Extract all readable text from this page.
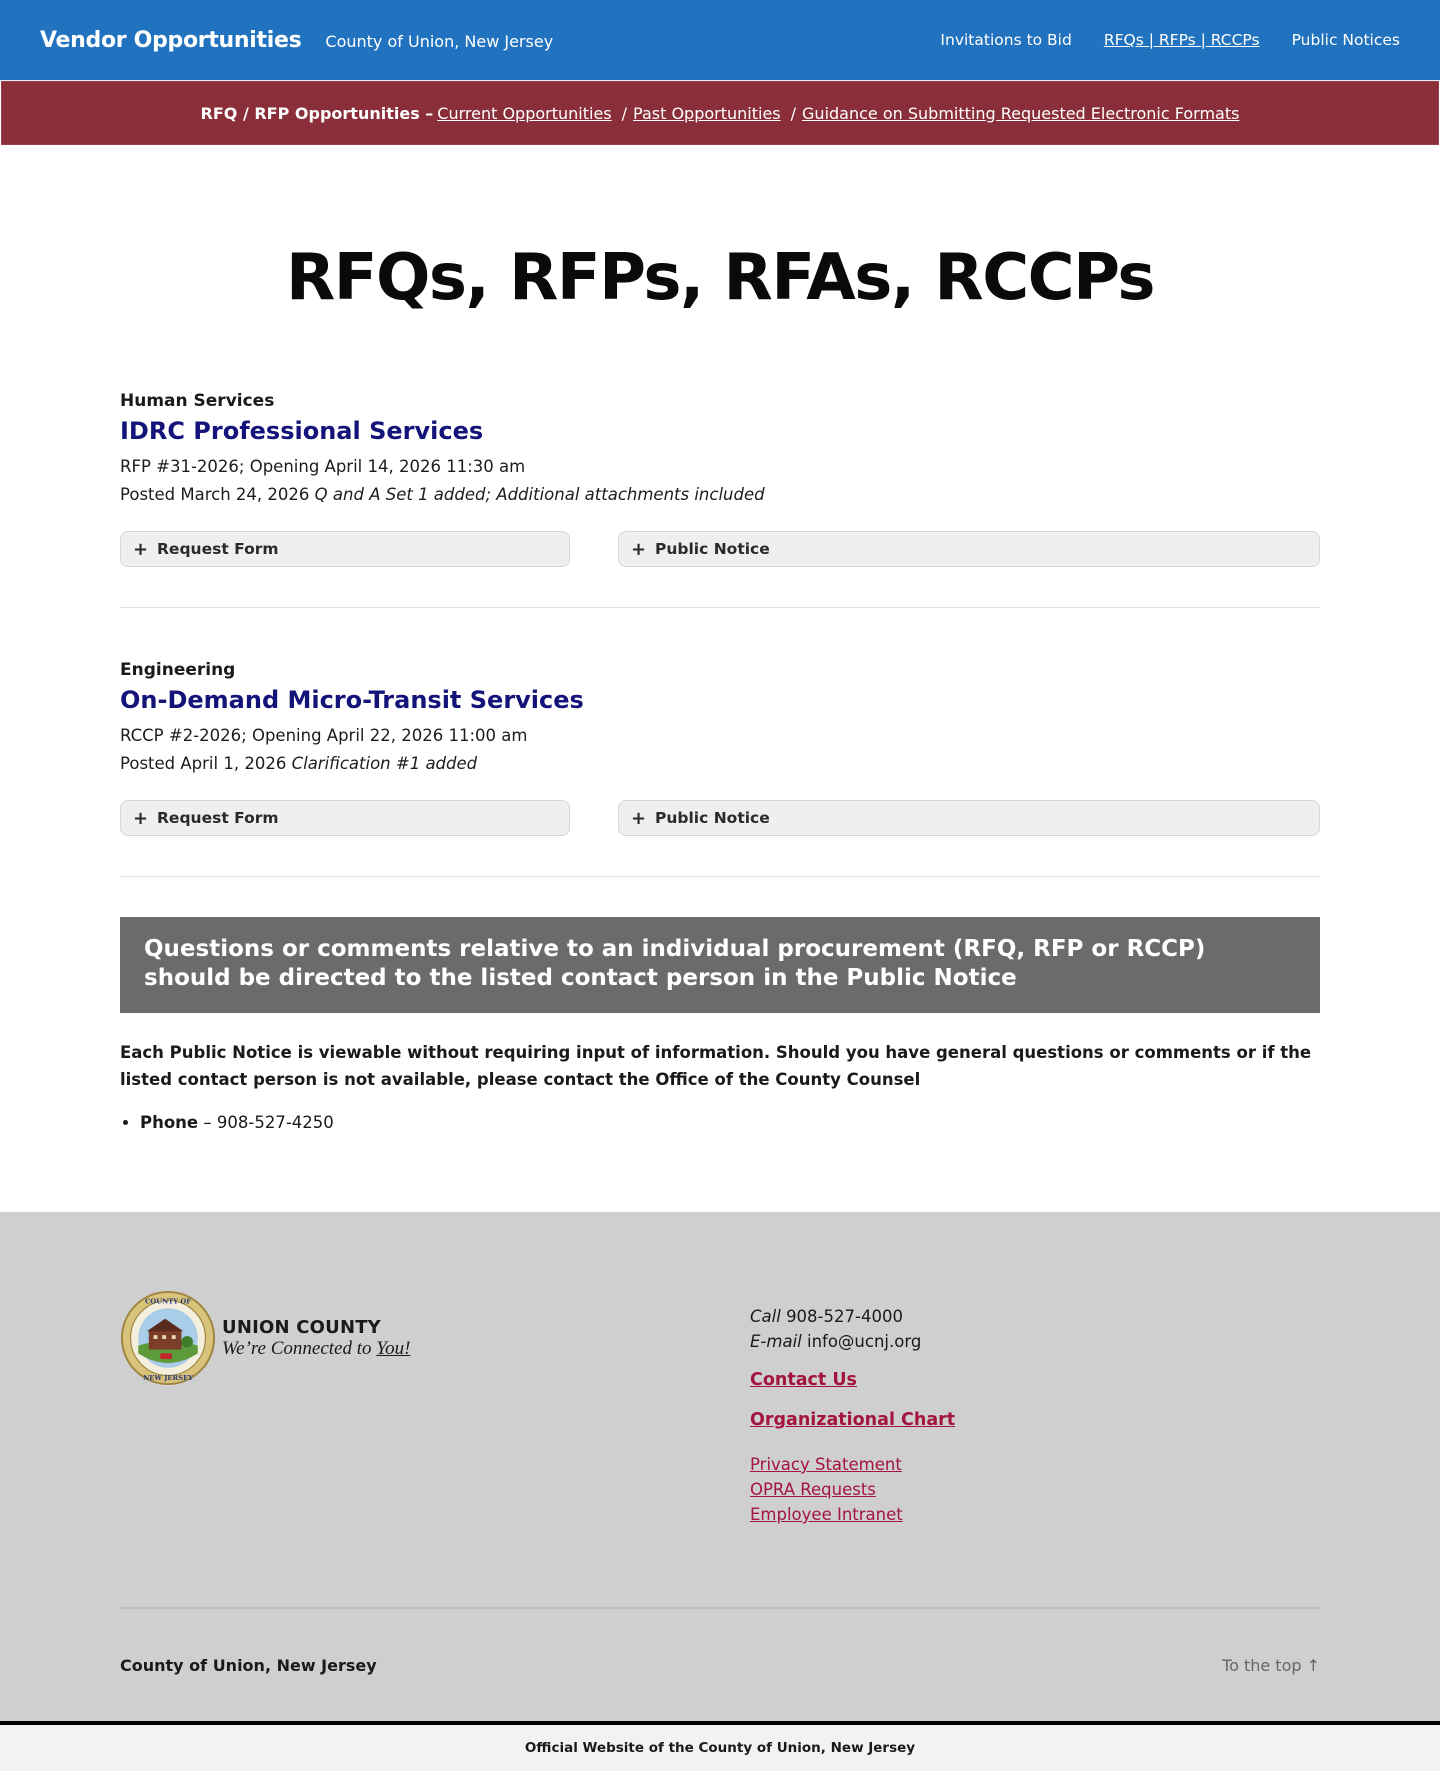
Vendor Opportunities County of Union, New Jersey	Invitations to Bid RFQs | RFPs | RCCPs Public Notices
RFQ / RFP Opportunities – Current Opportunities / Past Opportunities / Guidance on Submitting Requested Electronic Formats
RFQs, RFPs, RFAs, RCCPs
Human Services
IDRC Professional Services
RFP #31-2026; Opening April 14, 2026 11:30 am
Posted March 24, 2026 Q and A Set 1 added; Additional attachments included
+ Request Form	+ Public Notice
Engineering
On-Demand Micro-Transit Services
RCCP #2-2026; Opening April 22, 2026 11:00 am
Posted April 1, 2026 Clarification #1 added
+ Request Form	+ Public Notice
Questions or comments relative to an individual procurement (RFQ, RFP or RCCP) should be directed to the listed contact person in the Public Notice

Each Public Notice is viewable without requiring input of information. Should you have general questions or comments or if the listed contact person is not available, please contact the Office of the County Counsel

• Phone – 908-527-4250
COUNTY OF
NEW JERSEY
UNION COUNTY
We’re Connected to You!
Call 908-527-4000
E-mail info@ucnj.org
Contact Us
Organizational Chart
Privacy Statement
OPRA Requests
Employee Intranet
County of Union, New Jersey	To the top ↑
Official Website of the County of Union, New Jersey
